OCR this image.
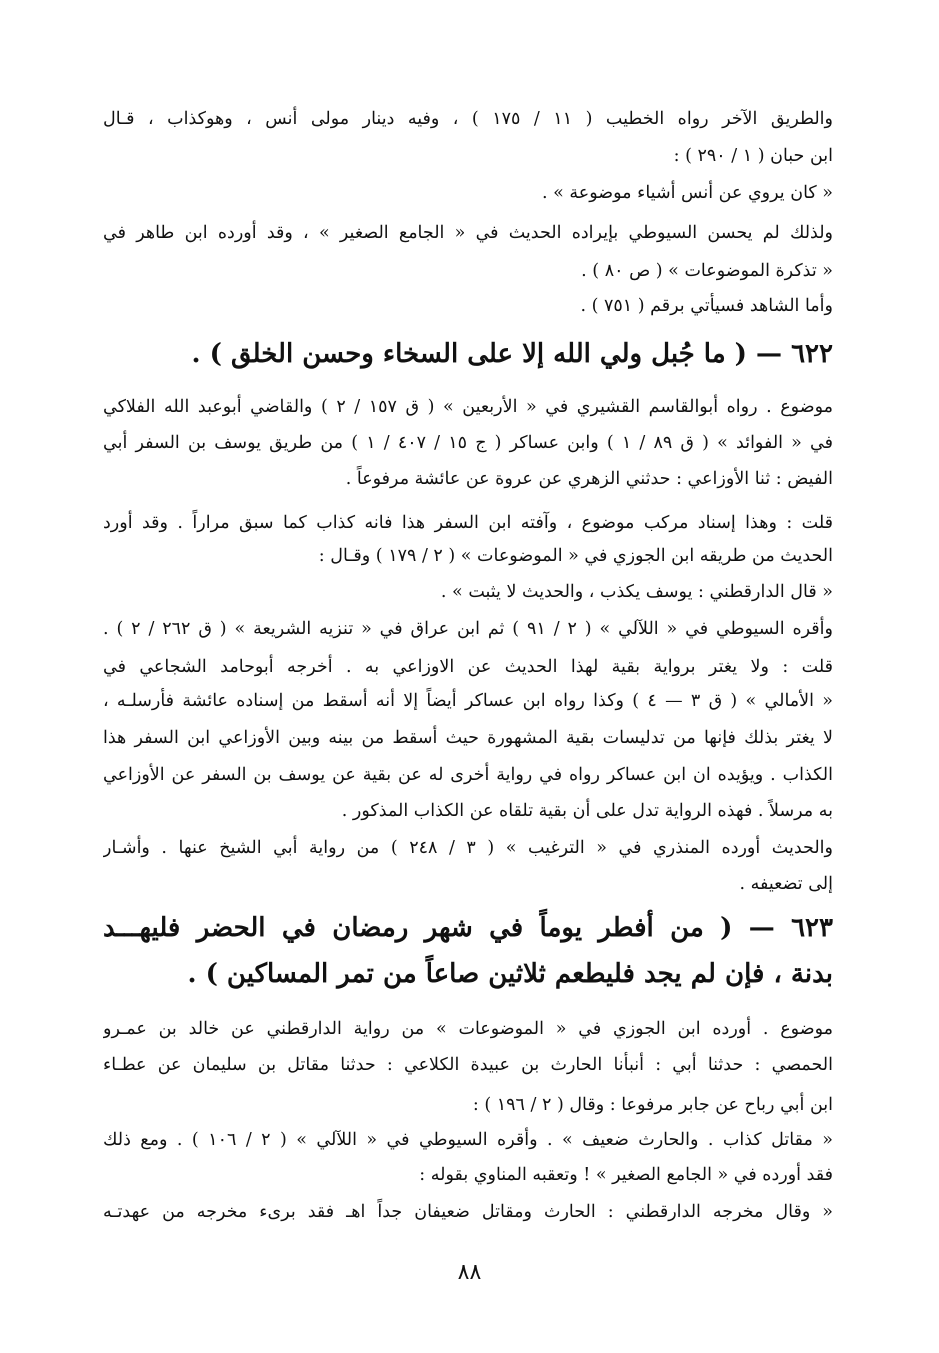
والطريق الآخر رواه الخطيب ( ١١ / ١٧٥ ) ، وفيه دينار مولى أنس ، وهوكذاب ، قـال
ابن حبان ( ١ / ٢٩٠ ) :
« كان يروي عن أنس أشياء موضوعة » .
ولذلك لم يحسن السيوطي بإيراده الحديث في « الجامع الصغير » ، وقد أورده ابن طاهر في
« تذكرة الموضوعات » ( ص ٨٠ ) .
وأما الشاهد فسيأتي برقم ( ٧٥١ ) .
٦٢٢ — ( ما جُبل ولي الله إلا على السخاء وحسن الخلق ) .
موضوع . رواه أبوالقاسم القشيري في « الأربعين » ( ق ١٥٧ / ٢ ) والقاضي أبوعبد الله الفلاكي
في « الفوائد » ( ق ٨٩ / ١ ) وابن عساكر ( ج ١٥ / ٤٠٧ / ١ ) من طريق يوسف بن السفر أبي
الفيض : ثنا الأوزاعي : حدثني الزهري عن عروة عن عائشة مرفوعاً .
قلت : وهذا إسناد مركب موضوع ، وآفته ابن السفر هذا فانه كذاب كما سبق مراراً . وقد أورد
الحديث من طريقه ابن الجوزي في « الموضوعات » ( ٢ / ١٧٩ ) وقـال :
« قال الدارقطني : يوسف يكذب ، والحديث لا يثبت » .
وأقره السيوطي في « اللآلي » ( ٢ / ٩١ ) ثم ابن عراق في « تنزيه الشريعة » ( ق ٢٦٢ / ٢ ) .
قلت : ولا يغتر برواية بقية لهذا الحديث عن الاوزاعي به . أخرجه أبوحامد الشجاعي في
« الأمالي » ( ق ٣ — ٤ ) وكذا رواه ابن عساكر أيضاً إلا أنه أسقط من إسناده عائشة فأرسلـه ،
لا يغتر بذلك فإنها من تدليسات بقية المشهورة حيث أسقط من بينه وبين الأوزاعي ابن السفر هذا
الكذاب . ويؤيده ان ابن عساكر رواه في رواية أخرى له عن بقية عن يوسف بن السفر عن الأوزاعي
به مرسلاً . فهذه الرواية تدل على أن بقية تلقاه عن الكذاب المذكور .
والحديث أورده المنذري في « الترغيب » ( ٣ / ٢٤٨ ) من رواية أبي الشيخ عنها . وأشـار
إلى تضعيفه .
٦٢٣ — ( من أفطر يوماً في شهر رمضان في الحضر فليهـــد
بدنة ، فإن لم يجد فليطعم ثلاثين صاعاً من تمر المساكين ) .
موضوع . أورده ابن الجوزي في « الموضوعات » من رواية الدارقطني عن خالد بن عمـرو
الحمصي : حدثنا أبي : أنبأنا الحارث بن عبيدة الكلاعي : حدثنا مقاتل بن سليمان عن عطـاء
ابن أبي رباح عن جابر مرفوعا : وقال ( ٢ / ١٩٦ ) :
« مقاتل كذاب . والحارث ضعيف » . وأقره السيوطي في « اللآلي » ( ٢ / ١٠٦ ) . ومع ذلك
فقد أورده في « الجامع الصغير » ! وتعقبه المناوي بقوله :
« وقال مخرجه الدارقطني : الحارث ومقاتل ضعيفان جداً اهـ فقد برىء مخرجه من عهدتـه
٨٨
